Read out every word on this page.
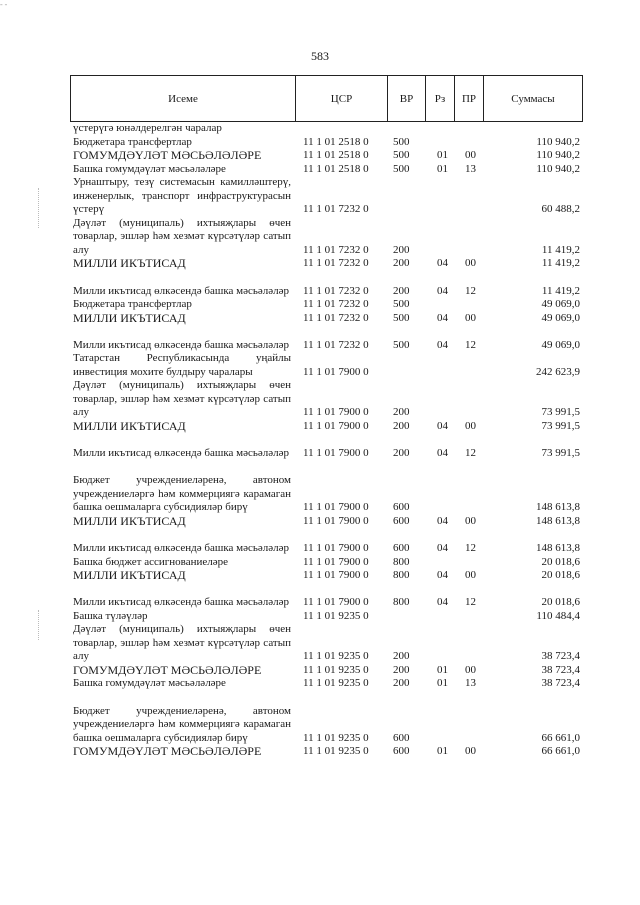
‐ ‐
583
Исеме	ЦСР	ВР	Рз	ПР	Суммасы
үстерүгә юнәлдерелгән чаралар					
Бюджетара трансфертлар	11 1 01 2518 0	500			110 940,2
ГОМУМДӘҮЛӘТ МӘСЬӘЛӘЛӘРЕ	11 1 01 2518 0	500	01	00	110 940,2
Башка гомумдәүләт мәсьәләләре	11 1 01 2518 0	500	01	13	110 940,2
Урнаштыру, тезү системасын камилләштерү, инженерлык, транспорт инфраструктурасын үстерү	11 1 01 7232 0				60 488,2
Дәүләт (муниципаль) ихтыяҗлары өчен товарлар, эшләр һәм хезмәт күрсәтүләр сатып алу	11 1 01 7232 0	200			11 419,2
МИЛЛИ ИКЪТИСАД	11 1 01 7232 0	200	04	00	11 419,2
Милли икътисад өлкәсендә башка мәсьәләләр	11 1 01 7232 0	200	04	12	11 419,2
Бюджетара трансфертлар	11 1 01 7232 0	500			49 069,0
МИЛЛИ ИКЪТИСАД	11 1 01 7232 0	500	04	00	49 069,0
Милли икътисад өлкәсендә башка мәсьәләләр	11 1 01 7232 0	500	04	12	49 069,0
Татарстан Республикасында уңайлы инвестиция мохите булдыру чаралары	11 1 01 7900 0				242 623,9
Дәүләт (муниципаль) ихтыяҗлары өчен товарлар, эшләр һәм хезмәт күрсәтүләр сатып алу	11 1 01 7900 0	200			73 991,5
МИЛЛИ ИКЪТИСАД	11 1 01 7900 0	200	04	00	73 991,5
Милли икътисад өлкәсендә башка мәсьәләләр	11 1 01 7900 0	200	04	12	73 991,5
Бюджет учреждениеләренә, автоном учреждениеләргә һәм коммерциягә карамаган башка оешмаларга субсидияләр бирү	11 1 01 7900 0	600			148 613,8
МИЛЛИ ИКЪТИСАД	11 1 01 7900 0	600	04	00	148 613,8
Милли икътисад өлкәсендә башка мәсьәләләр	11 1 01 7900 0	600	04	12	148 613,8
Башка бюджет ассигнованиеләре	11 1 01 7900 0	800			20 018,6
МИЛЛИ ИКЪТИСАД	11 1 01 7900 0	800	04	00	20 018,6
Милли икътисад өлкәсендә башка мәсьәләләр	11 1 01 7900 0	800	04	12	20 018,6
Башка түләүләр	11 1 01 9235 0				110 484,4
Дәүләт (муниципаль) ихтыяҗлары өчен товарлар, эшләр һәм хезмәт күрсәтүләр сатып алу	11 1 01 9235 0	200			38 723,4
ГОМУМДӘҮЛӘТ МӘСЬӘЛӘЛӘРЕ	11 1 01 9235 0	200	01	00	38 723,4
Башка гомумдәүләт мәсьәләләре	11 1 01 9235 0	200	01	13	38 723,4
Бюджет учреждениеләренә, автоном учреждениеләргә һәм коммерциягә карамаган башка оешмаларга субсидияләр бирү	11 1 01 9235 0	600			66 661,0
ГОМУМДӘҮЛӘТ МӘСЬӘЛӘЛӘРЕ	11 1 01 9235 0	600	01	00	66 661,0
